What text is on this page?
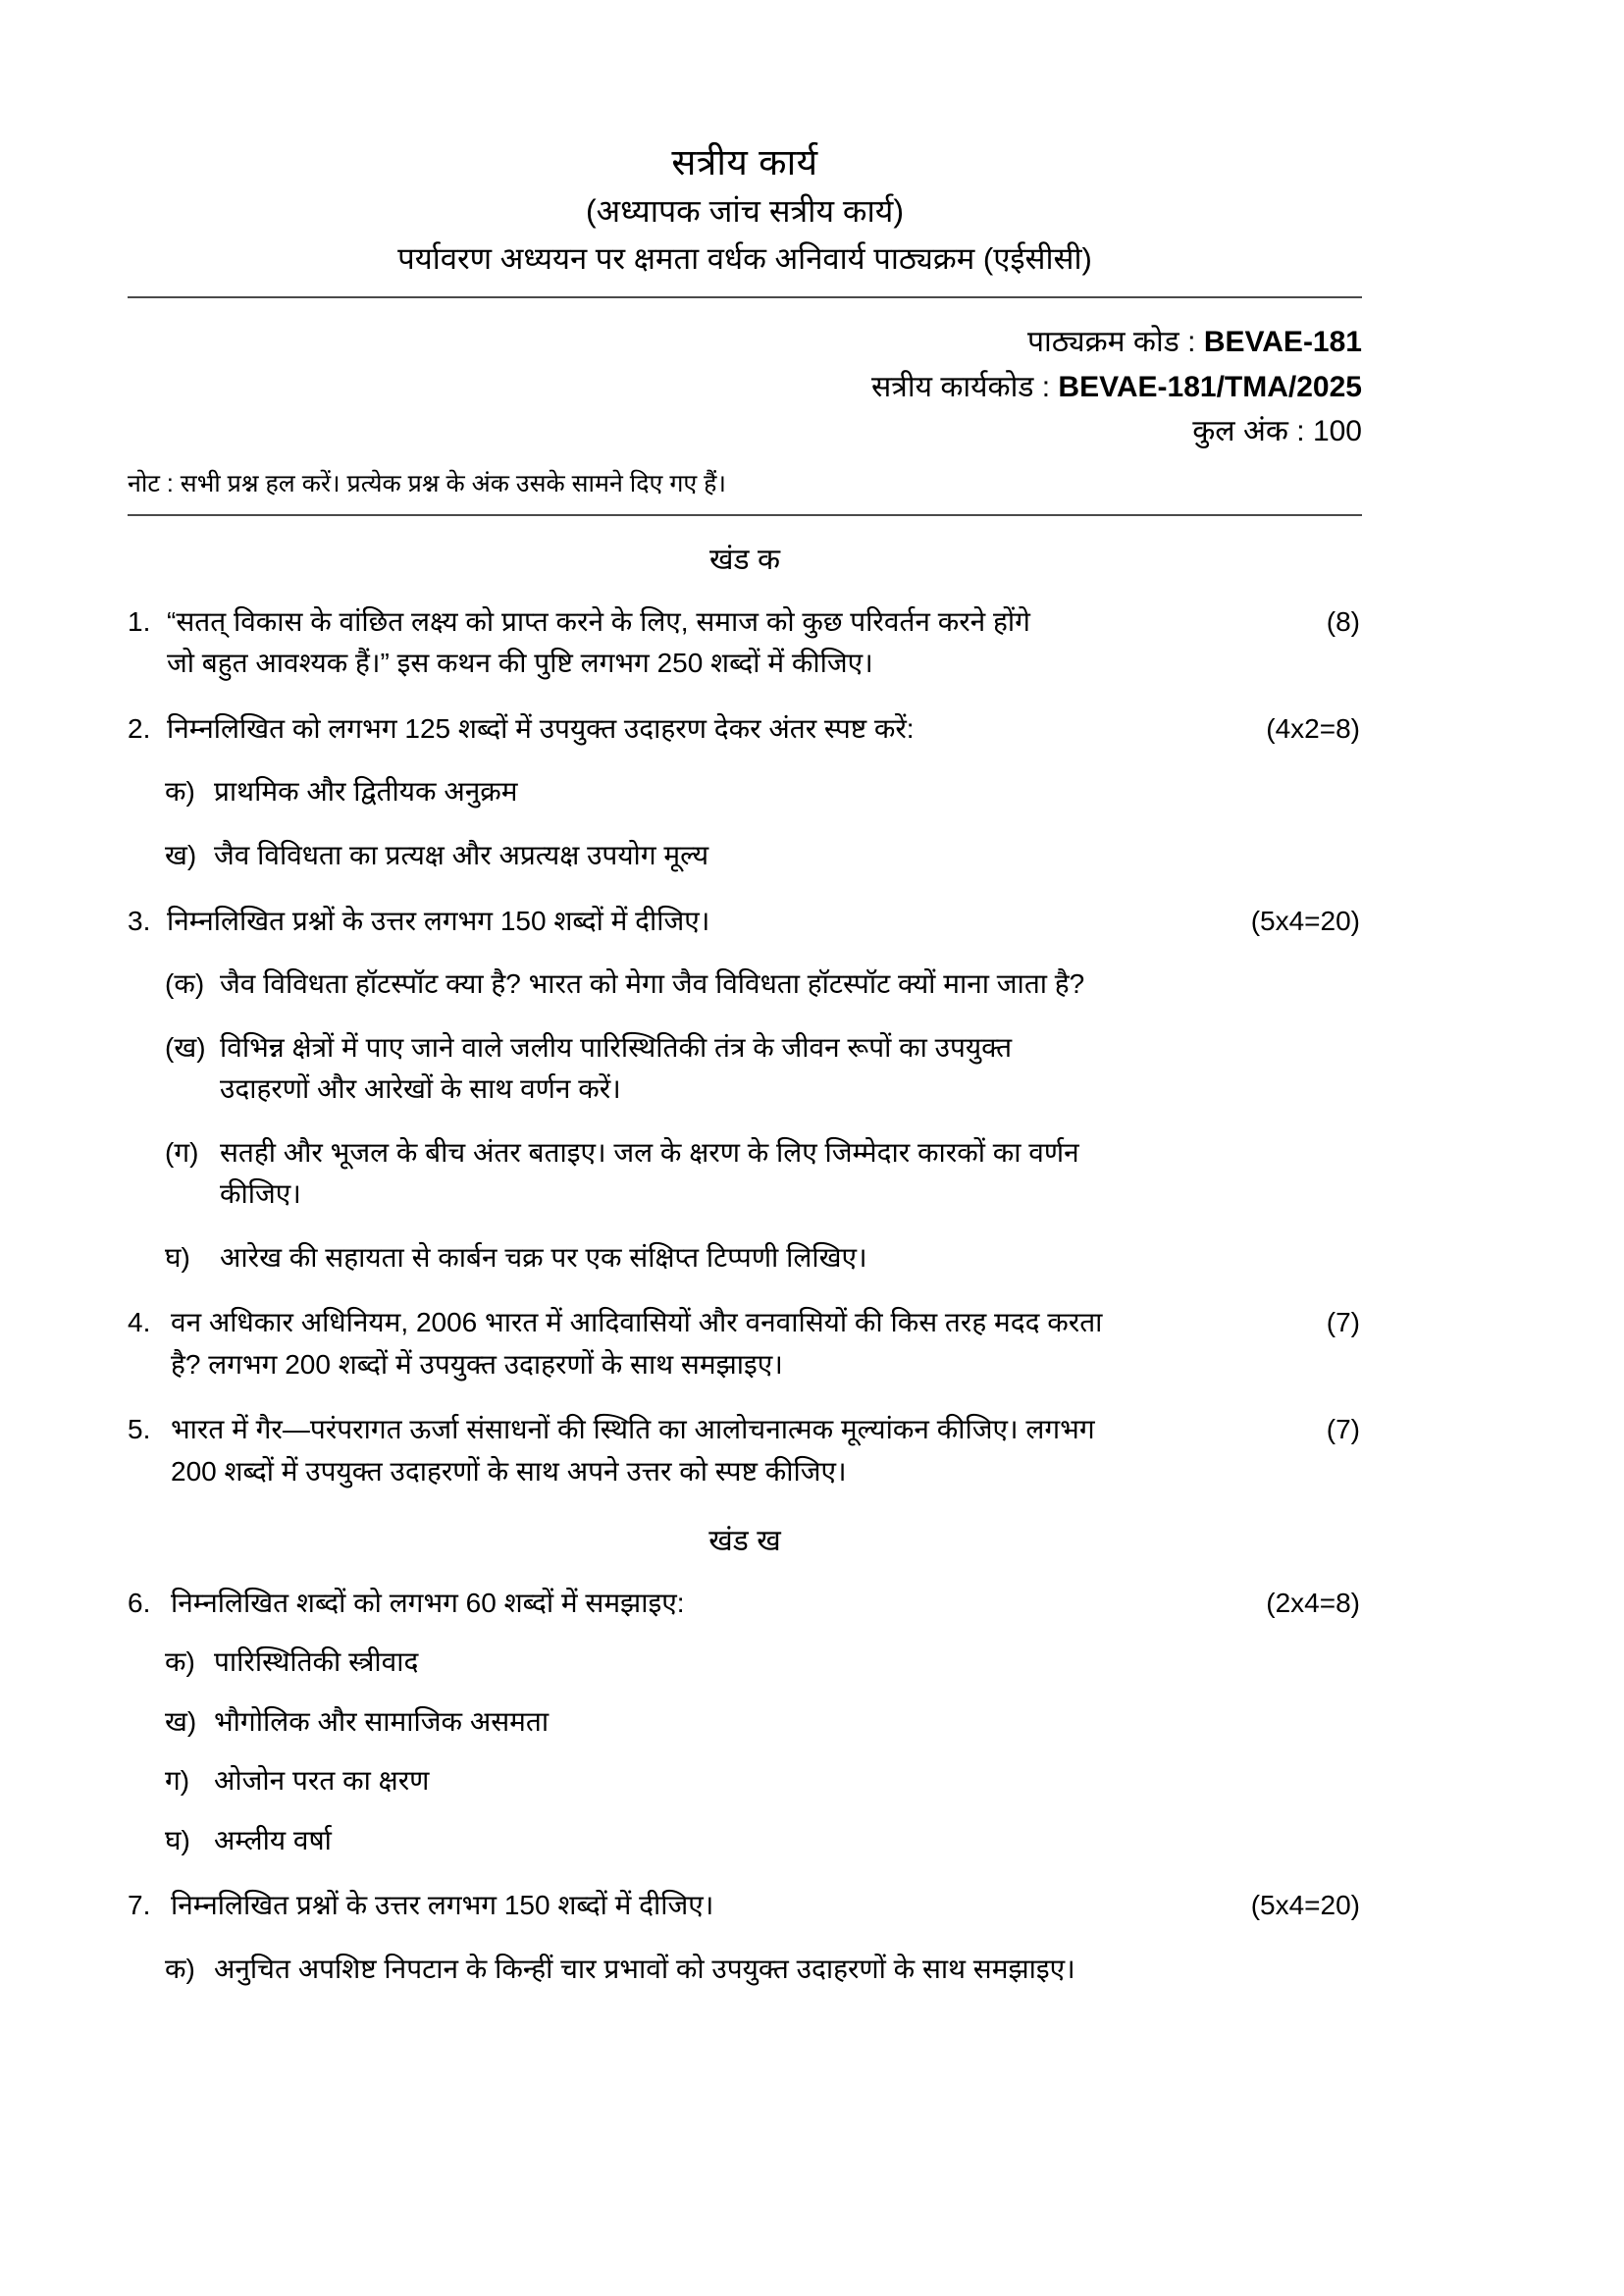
सत्रीय कार्य
(अध्यापक जांच सत्रीय कार्य)
पर्यावरण अध्ययन पर क्षमता वर्धक अनिवार्य पाठ्यक्रम (एईसीसी)
पाठ्यक्रम कोड : BEVAE-181
सत्रीय कार्यकोड : BEVAE-181/TMA/2025
कुल अंक : 100
नोट : सभी प्रश्न हल करें। प्रत्येक प्रश्न के अंक उसके सामने दिए गए हैं।
खंड क
1. “सतत् विकास के वांछित लक्ष्य को प्राप्त करने के लिए, समाज को कुछ परिवर्तन करने होंगे
जो बहुत आवश्यक हैं।” इस कथन की पुष्टि लगभग 250 शब्दों में कीजिए।
(8)
2. निम्नलिखित को लगभग 125 शब्दों में उपयुक्त उदाहरण देकर अंतर स्पष्ट करें:	(4x2=8)
क) प्राथमिक और द्वितीयक अनुक्रम
ख) जैव विविधता का प्रत्यक्ष और अप्रत्यक्ष उपयोग मूल्य
3. निम्नलिखित प्रश्नों के उत्तर लगभग 150 शब्दों में दीजिए।	(5x4=20)
(क) जैव विविधता हॉटस्पॉट क्या है? भारत को मेगा जैव विविधता हॉटस्पॉट क्यों माना जाता है?
(ख) विभिन्न क्षेत्रों में पाए जाने वाले जलीय पारिस्थितिकी तंत्र के जीवन रूपों का उपयुक्त
उदाहरणों और आरेखों के साथ वर्णन करें।
(ग) सतही और भूजल के बीच अंतर बताइए। जल के क्षरण के लिए जिम्मेदार कारकों का वर्णन
कीजिए।
घ)	आरेख की सहायता से कार्बन चक्र पर एक संक्षिप्त टिप्पणी लिखिए।
4. वन अधिकार अधिनियम, 2006 भारत में आदिवासियों और वनवासियों की किस तरह मदद करता
है? लगभग 200 शब्दों में उपयुक्त उदाहरणों के साथ समझाइए।
(7)
5. भारत में गैर—परंपरागत ऊर्जा संसाधनों की स्थिति का आलोचनात्मक मूल्यांकन कीजिए। लगभग
200 शब्दों में उपयुक्त उदाहरणों के साथ अपने उत्तर को स्पष्ट कीजिए।
(7)
खंड ख
6. निम्नलिखित शब्दों को लगभग 60 शब्दों में समझाइए:	(2x4=8)
क) पारिस्थितिकी स्त्रीवाद
ख) भौगोलिक और सामाजिक असमता
ग) ओजोन परत का क्षरण
घ) अम्लीय वर्षा
7. निम्नलिखित प्रश्नों के उत्तर लगभग 150 शब्दों में दीजिए।	(5x4=20)
क) अनुचित अपशिष्ट निपटान के किन्हीं चार प्रभावों को उपयुक्त उदाहरणों के साथ समझाइए।
